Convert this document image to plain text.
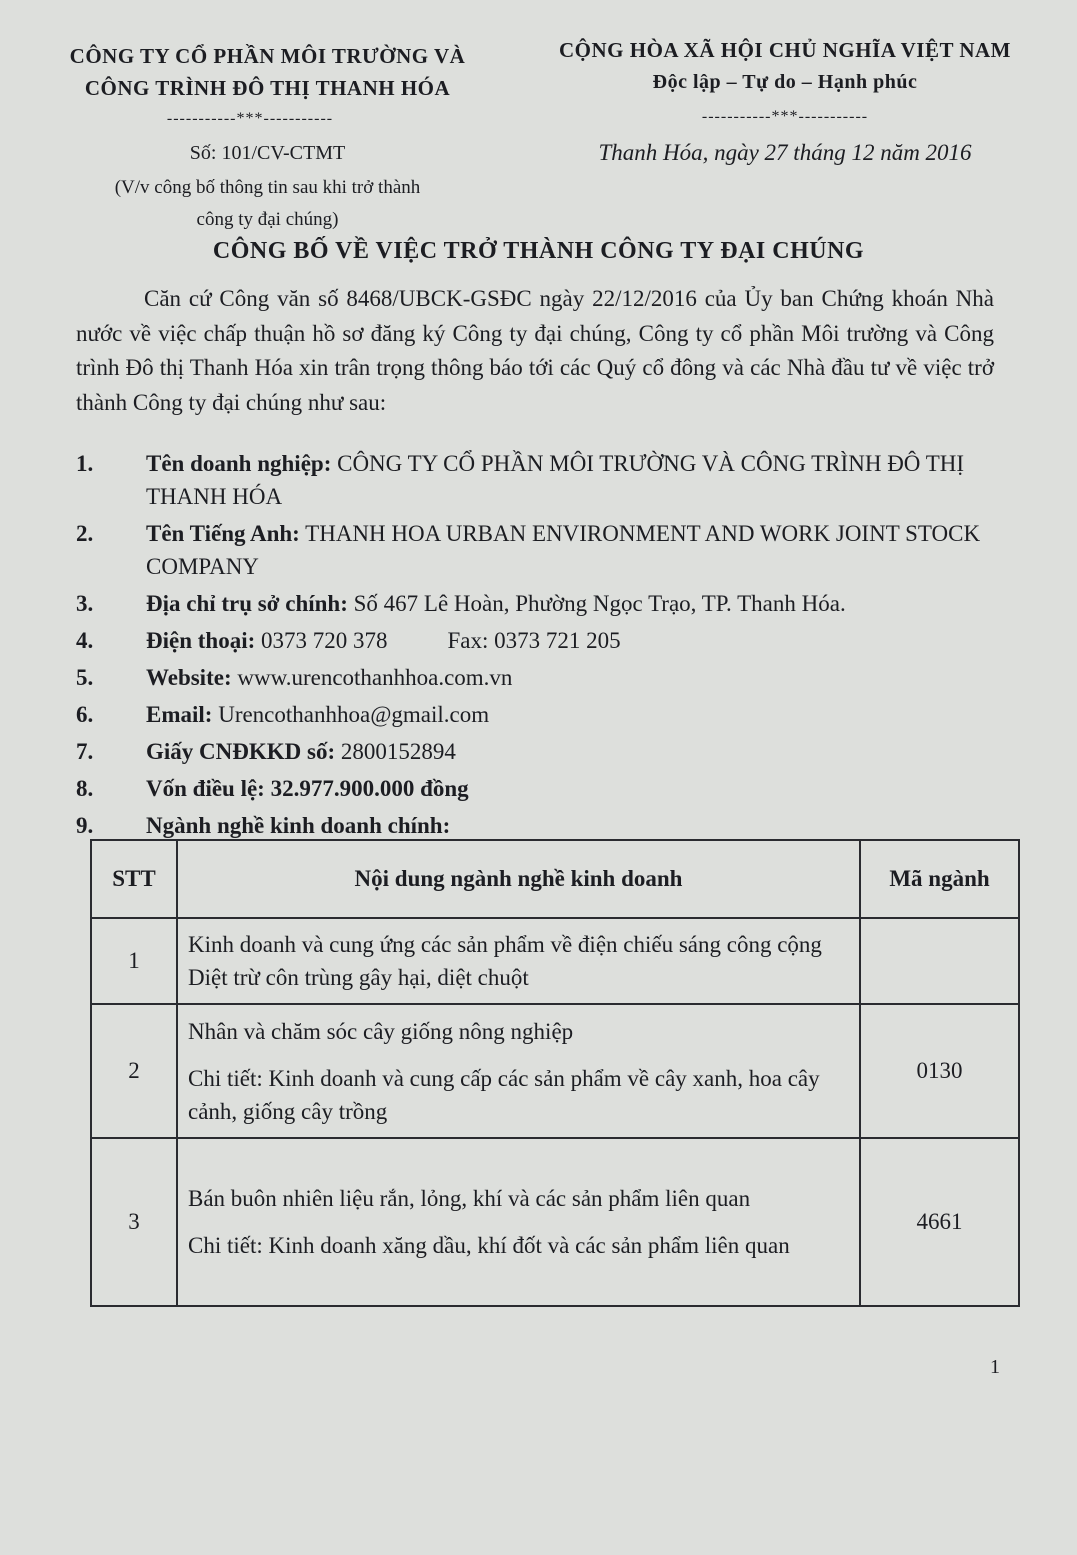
CÔNG TY CỔ PHẦN MÔI TRƯỜNG VÀ
CÔNG TRÌNH ĐÔ THỊ THANH HÓA
-----------***-----------
CỘNG HÒA XÃ HỘI CHỦ NGHĨA VIỆT NAM
Độc lập – Tự do – Hạnh phúc
-----------***-----------
Số: 101/CV-CTMT
(V/v công bố thông tin sau khi trở thành
công ty đại chúng)
Thanh Hóa, ngày 27 tháng 12 năm 2016
CÔNG BỐ VỀ VIỆC TRỞ THÀNH CÔNG TY ĐẠI CHÚNG
Căn cứ Công văn số 8468/UBCK-GSĐC ngày 22/12/2016 của Ủy ban Chứng khoán Nhà nước về việc chấp thuận hồ sơ đăng ký Công ty đại chúng, Công ty cổ phần Môi trường và Công trình Đô thị Thanh Hóa xin trân trọng thông báo tới các Quý cổ đông và các Nhà đầu tư về việc trở thành Công ty đại chúng như sau:
1.	Tên doanh nghiệp: CÔNG TY CỔ PHẦN MÔI TRƯỜNG VÀ CÔNG TRÌNH ĐÔ THỊ THANH HÓA
2.	Tên Tiếng Anh: THANH HOA URBAN ENVIRONMENT AND WORK JOINT STOCK COMPANY
3.	Địa chỉ trụ sở chính: Số 467 Lê Hoàn, Phường Ngọc Trạo, TP. Thanh Hóa.
4.	Điện thoại: 0373 720 378	Fax: 0373 721 205
5.	Website: www.urencothanhhoa.com.vn
6.	Email: Urencothanhhoa@gmail.com
7.	Giấy CNĐKKD số: 2800152894
8.	Vốn điều lệ: 32.977.900.000 đồng
9.	Ngành nghề kinh doanh chính:
STT	Nội dung ngành nghề kinh doanh	Mã ngành
1	Kinh doanh và cung ứng các sản phẩm về điện chiếu sáng công cộng Diệt trừ côn trùng gây hại, diệt chuột	

2	Nhân và chăm sóc cây giống nông nghiệp

Chi tiết: Kinh doanh và cung cấp các sản phẩm về cây xanh, hoa cây cảnh, giống cây trồng	0130
3	Bán buôn nhiên liệu rắn, lỏng, khí và các sản phẩm liên quan

Chi tiết: Kinh doanh xăng dầu, khí đốt và các sản phẩm liên quan	4661
1
